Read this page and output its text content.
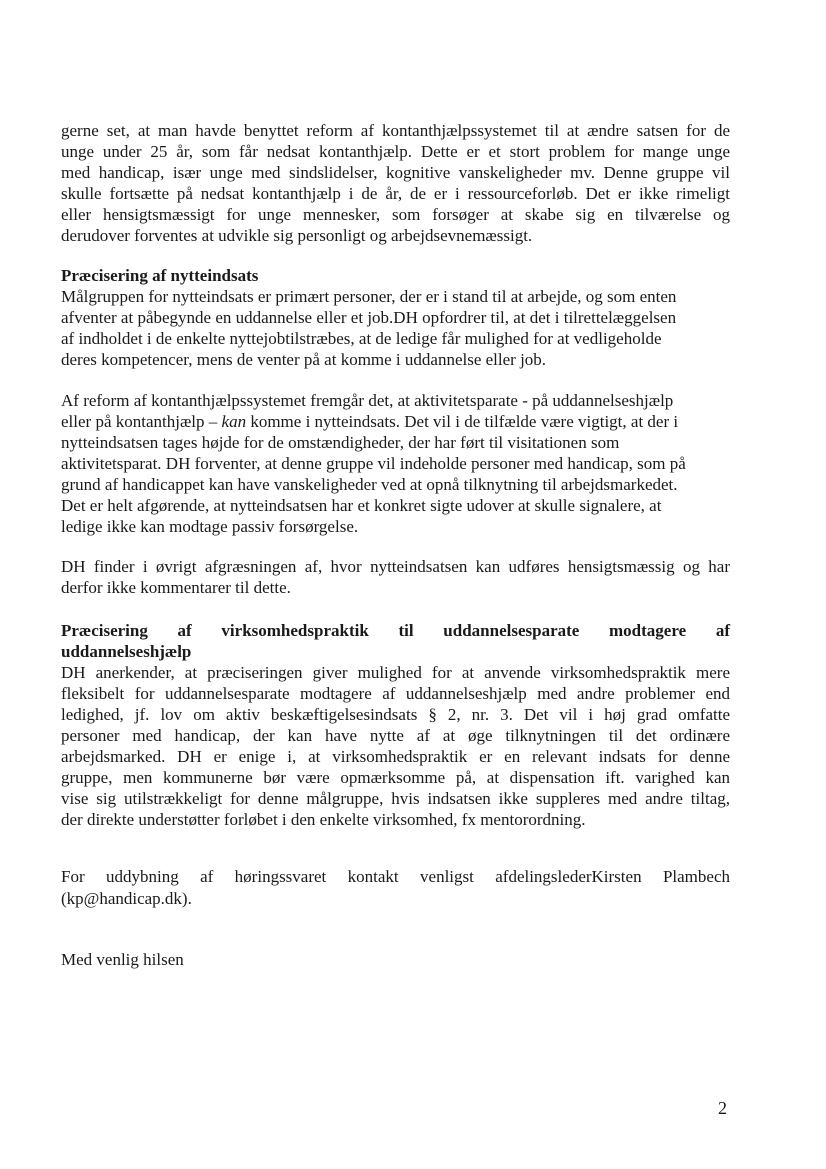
gerne set, at man havde benyttet reform af kontanthjælpssystemet til at ændre satsen for de
unge under 25 år, som får nedsat kontanthjælp. Dette er et stort problem for mange unge
med handicap, især unge med sindslidelser, kognitive vanskeligheder mv. Denne gruppe vil
skulle fortsætte på nedsat kontanthjælp i de år, de er i ressourceforløb. Det er ikke rimeligt
eller hensigtsmæssigt for unge mennesker, som forsøger at skabe sig en tilværelse og
derudover forventes at udvikle sig personligt og arbejdsevnemæssigt.
Præcisering af nytteindsats
Målgruppen for nytteindsats er primært personer, der er i stand til at arbejde, og som enten
afventer at påbegynde en uddannelse eller et job.DH opfordrer til, at det i tilrettelæggelsen
af indholdet i de enkelte nyttejobtilstræbes, at de ledige får mulighed for at vedligeholde
deres kompetencer, mens de venter på at komme i uddannelse eller job.
Af reform af kontanthjælpssystemet fremgår det, at aktivitetsparate - på uddannelseshjælp
eller på kontanthjælp – kan komme i nytteindsats. Det vil i de tilfælde være vigtigt, at der i
nytteindsatsen tages højde for de omstændigheder, der har ført til visitationen som
aktivitetsparat. DH forventer, at denne gruppe vil indeholde personer med handicap, som på
grund af handicappet kan have vanskeligheder ved at opnå tilknytning til arbejdsmarkedet.
Det er helt afgørende, at nytteindsatsen har et konkret sigte udover at skulle signalere, at
ledige ikke kan modtage passiv forsørgelse.
DH finder i øvrigt afgræsningen af, hvor nytteindsatsen kan udføres hensigtsmæssig og har
derfor ikke kommentarer til dette.
Præcisering af virksomhedspraktik til uddannelsesparate modtagere af
uddannelseshjælp
DH anerkender, at præciseringen giver mulighed for at anvende virksomhedspraktik mere
fleksibelt for uddannelsesparate modtagere af uddannelseshjælp med andre problemer end
ledighed, jf. lov om aktiv beskæftigelsesindsats § 2, nr. 3. Det vil i høj grad omfatte
personer med handicap, der kan have nytte af at øge tilknytningen til det ordinære
arbejdsmarked. DH er enige i, at virksomhedspraktik er en relevant indsats for denne
gruppe, men kommunerne bør være opmærksomme på, at dispensation ift. varighed kan
vise sig utilstrækkeligt for denne målgruppe, hvis indsatsen ikke suppleres med andre tiltag,
der direkte understøtter forløbet i den enkelte virksomhed, fx mentorordning.
For uddybning af høringssvaret kontakt venligst afdelingslederKirsten Plambech
(kp@handicap.dk).
Med venlig hilsen
2
